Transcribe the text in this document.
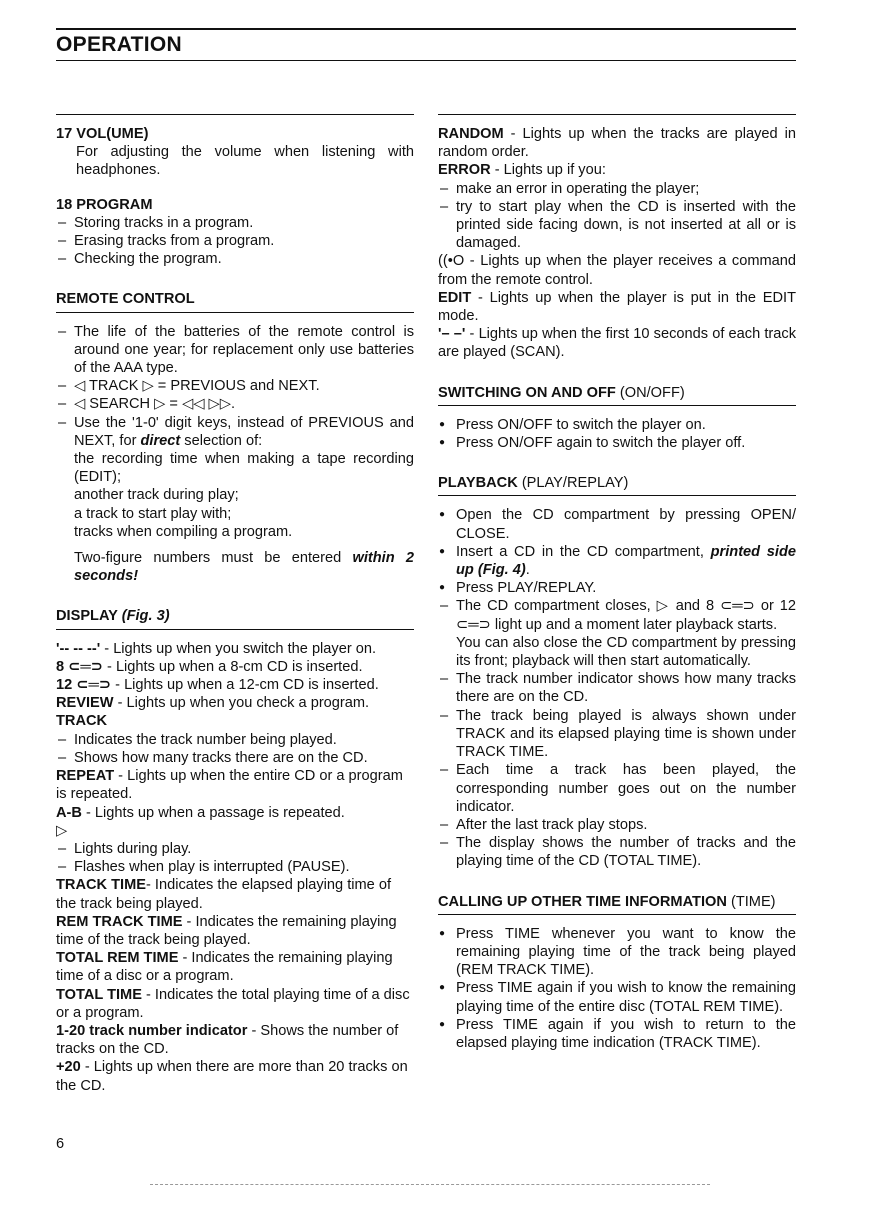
OPERATION
17 VOL(UME)

For adjusting the volume when listening with headphones.

18 PROGRAM
– Storing tracks in a program.
– Erasing tracks from a program.
– Checking the program.
REMOTE CONTROL
– The life of the batteries of the remote control is around one year; for replacement only use batteries of the AAA type.
– ◁ TRACK ▷ = PREVIOUS and NEXT.
– ◁ SEARCH ▷ = ◁◁ ▷▷.
– Use the '1-0' digit keys, instead of PREVIOUS and NEXT, for direct selection of:
the recording time when making a tape recording (EDIT);
another track during play;
a track to start play with;
tracks when compiling a program.
Two-figure numbers must be entered within 2 seconds!
DISPLAY (Fig. 3)

'-- -- --' - Lights up when you switch the player on.

8 ⊂═⊃ - Lights up when a 8-cm CD is inserted.

12 ⊂═⊃ - Lights up when a 12-cm CD is inserted.

REVIEW - Lights up when you check a program.

TRACK

– Indicates the track number being played.
– Shows how many tracks there are on the CD.

REPEAT - Lights up when the entire CD or a program is repeated.

A-B - Lights up when a passage is repeated.

▷

– Lights during play.
– Flashes when play is interrupted (PAUSE).

TRACK TIME- Indicates the elapsed playing time of the track being played.

REM TRACK TIME - Indicates the remaining playing time of the track being played.

TOTAL REM TIME - Indicates the remaining playing time of a disc or a program.

TOTAL TIME - Indicates the total playing time of a disc or a program.

1-20 track number indicator - Shows the number of tracks on the CD.

+20 - Lights up when there are more than 20 tracks on the CD.

RANDOM - Lights up when the tracks are played in random order.

ERROR - Lights up if you:

– make an error in operating the player;
– try to start play when the CD is inserted with the printed side facing down, is not inserted at all or is damaged.

((•O - Lights up when the player receives a command from the remote control.

EDIT - Lights up when the player is put in the EDIT mode.

'– –' - Lights up when the first 10 seconds of each track are played (SCAN).

SWITCHING ON AND OFF (ON/OFF)
● Press ON/OFF to switch the player on.
● Press ON/OFF again to switch the player off.
PLAYBACK (PLAY/REPLAY)
● Open the CD compartment by pressing OPEN/ CLOSE.
● Insert a CD in the CD compartment, printed side up (Fig. 4).
● Press PLAY/REPLAY.
– The CD compartment closes, ▷ and 8 ⊂═⊃ or 12 ⊂═⊃ light up and a moment later playback starts.
You can also close the CD compartment by pressing its front; playback will then start automatically.
– The track number indicator shows how many tracks there are on the CD.
– The track being played is always shown under TRACK and its elapsed playing time is shown under TRACK TIME.
– Each time a track has been played, the corresponding number goes out on the number indicator.
– After the last track play stops.
– The display shows the number of tracks and the playing time of the CD (TOTAL TIME).
CALLING UP OTHER TIME INFORMATION (TIME)
● Press TIME whenever you want to know the remaining playing time of the track being played (REM TRACK TIME).
● Press TIME again if you wish to know the remaining playing time of the entire disc (TOTAL REM TIME).
● Press TIME again if you wish to return to the elapsed playing time indication (TRACK TIME).
6
